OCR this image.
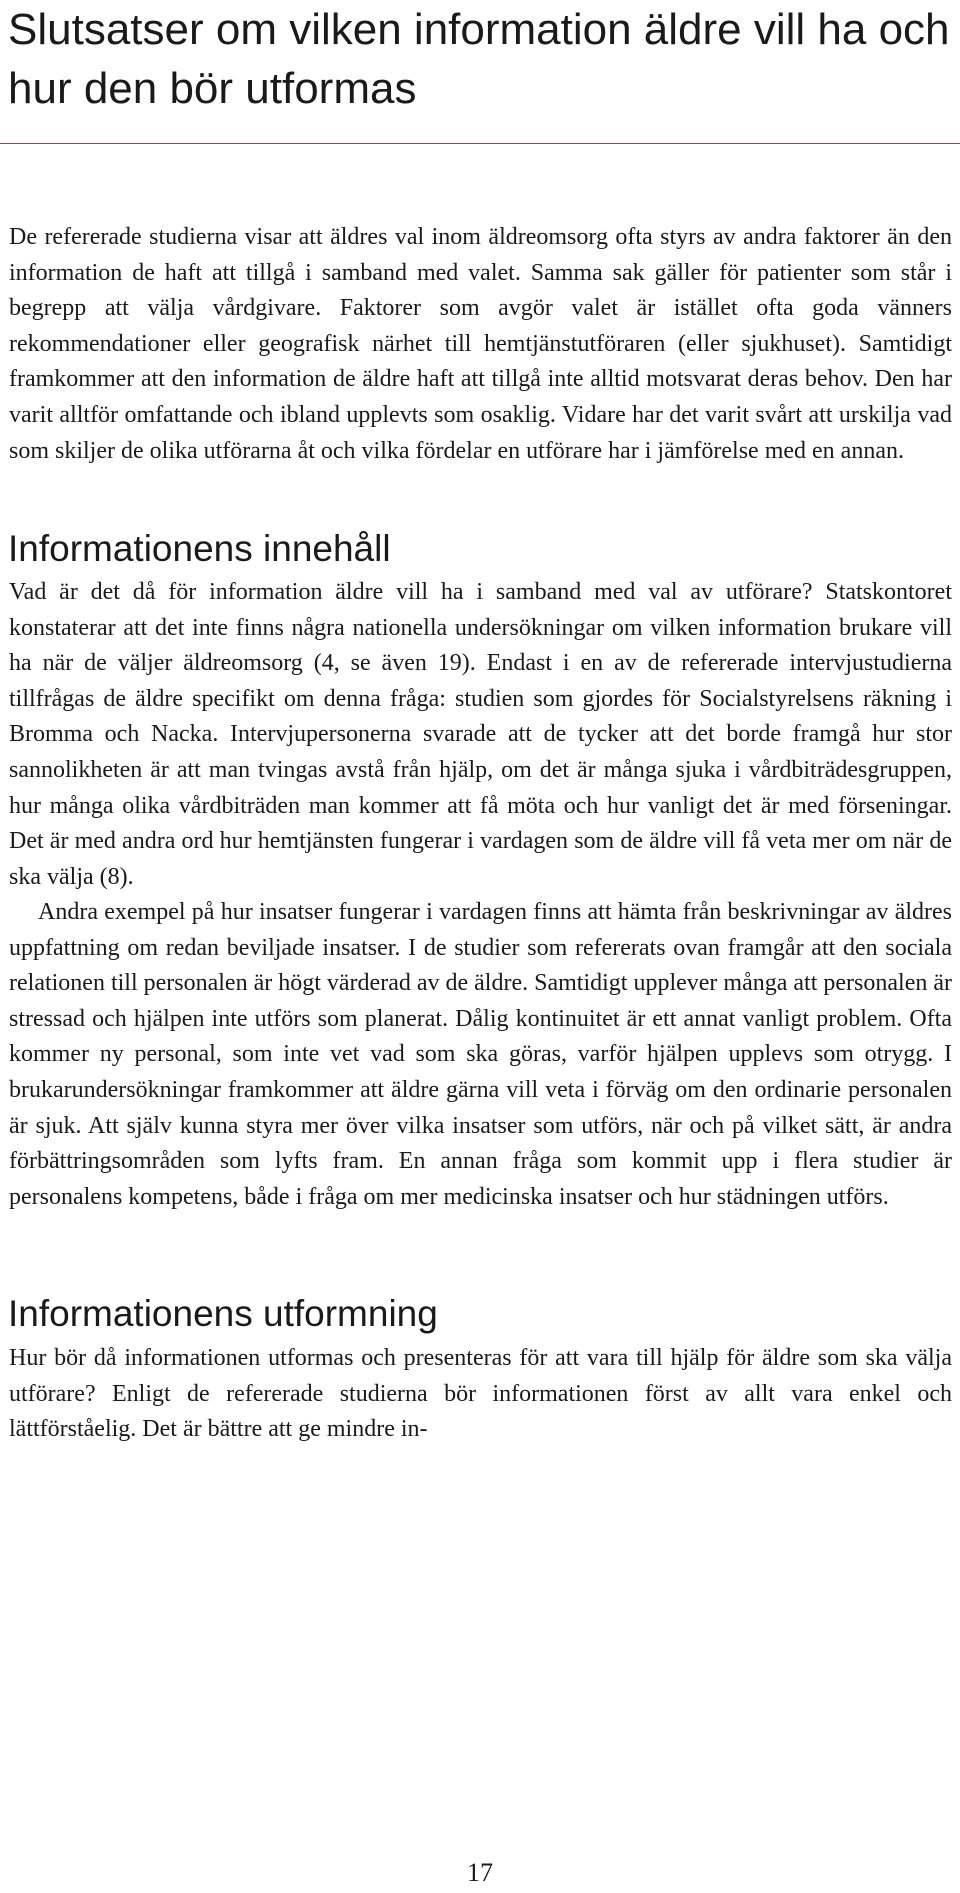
Slutsatser om vilken information äldre vill ha och hur den bör utformas

De refererade studierna visar att äldres val inom äldreomsorg ofta styrs av andra faktorer än den information de haft att tillgå i samband med valet. Samma sak gäller för patienter som står i begrepp att välja vårdgivare. Faktorer som avgör valet är istället ofta goda vänners rekommendationer eller geografisk närhet till hemtjänstutföraren (eller sjukhuset). Samtidigt framkommer att den information de äldre haft att tillgå inte alltid motsvarat deras behov. Den har varit alltför omfattande och ibland upplevts som osaklig. Vidare har det varit svårt att urskilja vad som skiljer de olika utförarna åt och vilka fördelar en utförare har i jämförelse med en annan.

Informationens innehåll

Vad är det då för information äldre vill ha i samband med val av utförare? Statskontoret konstaterar att det inte finns några nationella undersökningar om vilken information brukare vill ha när de väljer äldreomsorg (4, se även 19). Endast i en av de refererade intervjustudierna tillfrågas de äldre specifikt om denna fråga: studien som gjordes för Socialstyrelsens räkning i Bromma och Nacka. Intervjupersonerna svarade att de tycker att det borde framgå hur stor sannolikheten är att man tvingas avstå från hjälp, om det är många sjuka i vårdbiträdesgruppen, hur många olika vårdbiträden man kommer att få möta och hur vanligt det är med förseningar. Det är med andra ord hur hemtjänsten fungerar i vardagen som de äldre vill få veta mer om när de ska välja (8).

Andra exempel på hur insatser fungerar i vardagen finns att hämta från beskrivningar av äldres uppfattning om redan beviljade insatser. I de studier som refererats ovan framgår att den sociala relationen till personalen är högt värderad av de äldre. Samtidigt upplever många att personalen är stressad och hjälpen inte utförs som planerat. Dålig kontinuitet är ett annat vanligt problem. Ofta kommer ny personal, som inte vet vad som ska göras, varför hjälpen upplevs som otrygg. I brukarundersökningar framkommer att äldre gärna vill veta i förväg om den ordinarie personalen är sjuk. Att själv kunna styra mer över vilka insatser som utförs, när och på vilket sätt, är andra förbättringsområden som lyfts fram. En annan fråga som kommit upp i flera studier är personalens kompetens, både i fråga om mer medicinska insatser och hur städningen utförs.

Informationens utformning

Hur bör då informationen utformas och presenteras för att vara till hjälp för äldre som ska välja utförare? Enligt de refererade studierna bör informationen först av allt vara enkel och lättförståelig. Det är bättre att ge mindre in-

17
